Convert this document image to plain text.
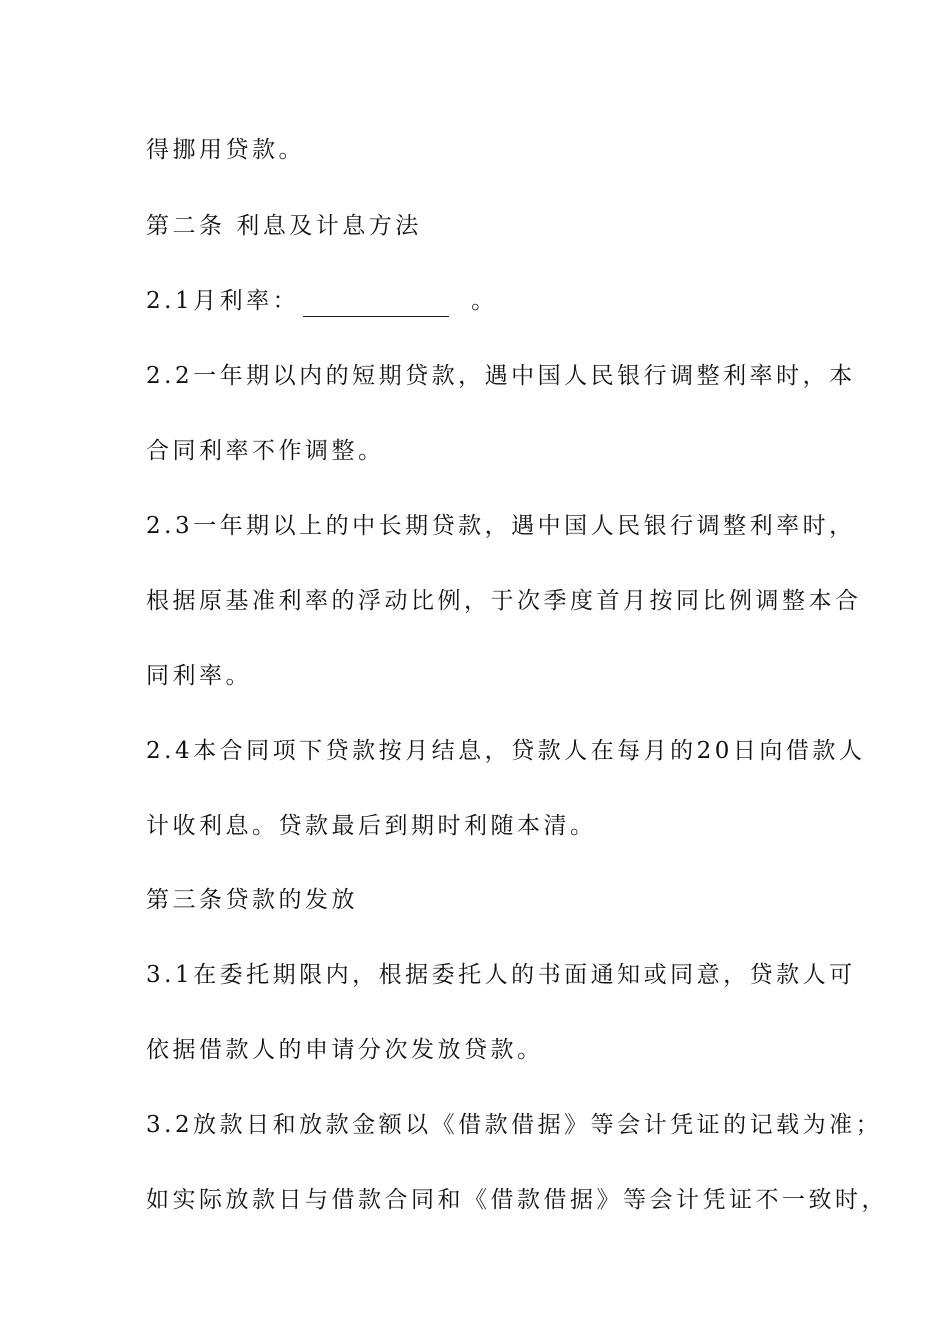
得挪用贷款。
第二条 利息及计息方法
2.1月利率：	。
2.2一年期以内的短期贷款，遇中国人民银行调整利率时，本
合同利率不作调整。
2.3一年期以上的中长期贷款，遇中国人民银行调整利率时，
根据原基准利率的浮动比例，于次季度首月按同比例调整本合
同利率。
2.4本合同项下贷款按月结息，贷款人在每月的20日向借款人
计收利息。贷款最后到期时利随本清。
第三条贷款的发放
3.1在委托期限内，根据委托人的书面通知或同意，贷款人可
依据借款人的申请分次发放贷款。
3.2放款日和放款金额以《借款借据》等会计凭证的记载为准；
如实际放款日与借款合同和《借款借据》等会计凭证不一致时，
